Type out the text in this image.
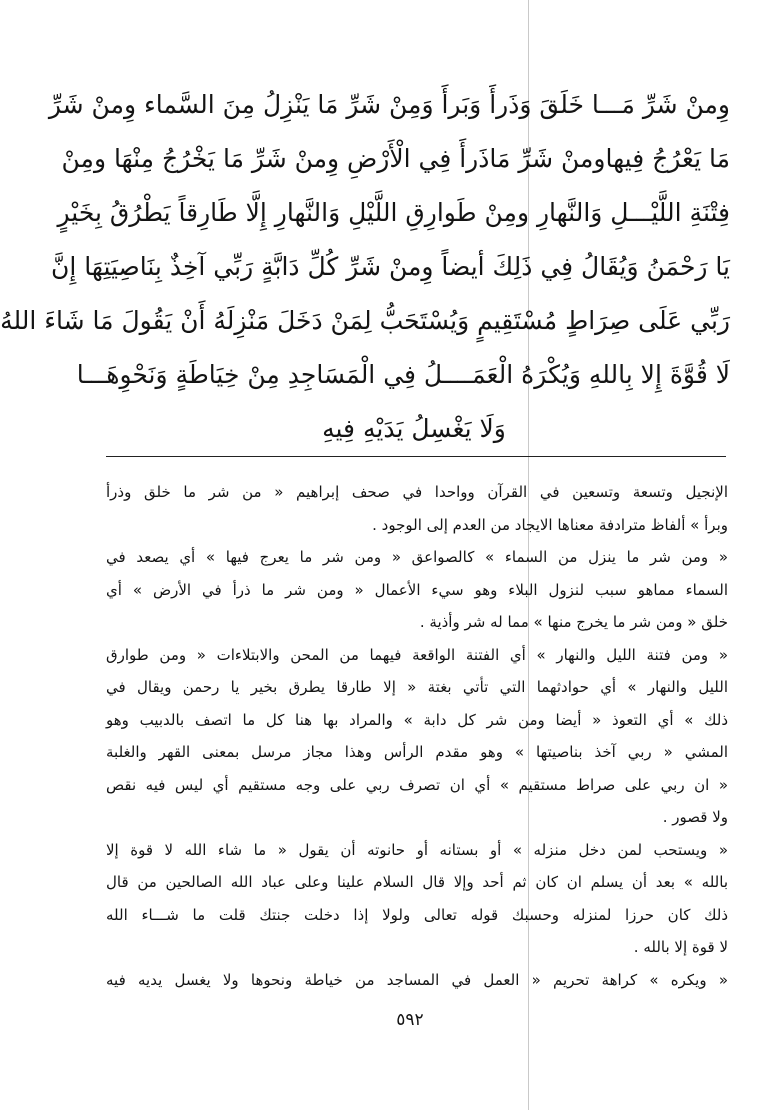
وِمنْ شَرِّ مَـــا خَلَقَ وَذَرأَ وَبَرأَ وَمِنْ شَرِّ مَا يَنْزِلُ مِنَ السَّماء وِمنْ شَرِّ
مَا يَعْرُجُ فِيهاومنْ شَرِّ مَاذَرأَ فِي الْأَرْضِ وِمنْ شَرِّ مَا يَخْرُجُ مِنْهَا ومِنْ
فِتْنَةِ اللَّيْـــلِ وَالنَّهارِ ومِنْ طَوارِقِ اللَّيْلِ وَالنَّهارِ إِلَّا طَارِقاً يَطْرُقُ بِخَيْرٍ
يَا رَحْمَنُ وَيُقَالُ فِي ذَلِكَ أيضاً وِمنْ شَرِّ كُلِّ دَابَّةٍ رَبِّي آخِذٌ بِنَاصِيَتِهَا إِنَّ
رَبِّي عَلَى صِرَاطٍ مُسْتَقِيمٍ وَيُسْتَحَبُّ لِمَنْ دَخَلَ مَنْزِلَهُ أَنْ يَقُولَ مَا شَاءَ اللهُ
لَا قُوَّةَ إِلا بِاللهِ وَيُكْرَهُ الْعَمَــــلُ فِي الْمَسَاجِدِ مِنْ خِيَاطَةٍ وَنَحْوِهَـــا
وَلَا يَغْسِلُ يَدَيْهِ فِيهِ
الإنجيل وتسعة وتسعين في القرآن وواحدا في صحف إبراهيم « من شر ما خلق وذرأ
وبرأ » ألفاظ مترادفة معناها الايجاد من العدم إلى الوجود .
« ومن شر ما ينزل من السماء » كالصواعق « ومن شر ما يعرج فيها » أي يصعد في
السماء مماهو سبب لنزول البلاء وهو سيء الأعمال « ومن شر ما ذرأ في الأرض » أي
خلق « ومن شر ما يخرج منها » مما له شر وأذية .
« ومن فتنة الليل والنهار » أي الفتنة الواقعة فيهما من المحن والابتلاءات « ومن طوارق
الليل والنهار » أي حوادثهما التي تأتي بغتة « إلا طارقا يطرق بخير يا رحمن ويقال في
ذلك » أي التعوذ « أيضا ومن شر كل دابة » والمراد بها هنا كل ما اتصف بالدبيب وهو
المشي « ربي آخذ بناصيتها » وهو مقدم الرأس وهذا مجاز مرسل بمعنى القهر والغلبة
« ان ربي على صراط مستقيم » أي ان تصرف ربي على وجه مستقيم أي ليس فيه نقص
ولا قصور .
« ويستحب لمن دخل منزله » أو بستانه أو حانوته أن يقول « ما شاء الله لا قوة إلا
بالله » بعد أن يسلم ان كان ثم أحد وإلا قال السلام علينا وعلى عباد الله الصالحين من قال
ذلك كان حرزا لمنزله وحسبك قوله تعالى ولولا إذا دخلت جنتك قلت ما شـــاء الله
لا قوة إلا بالله .
« ويكره » كراهة تحريم « العمل في المساجد من خياطة ونحوها ولا يغسل يديه فيه
٥٩٢
